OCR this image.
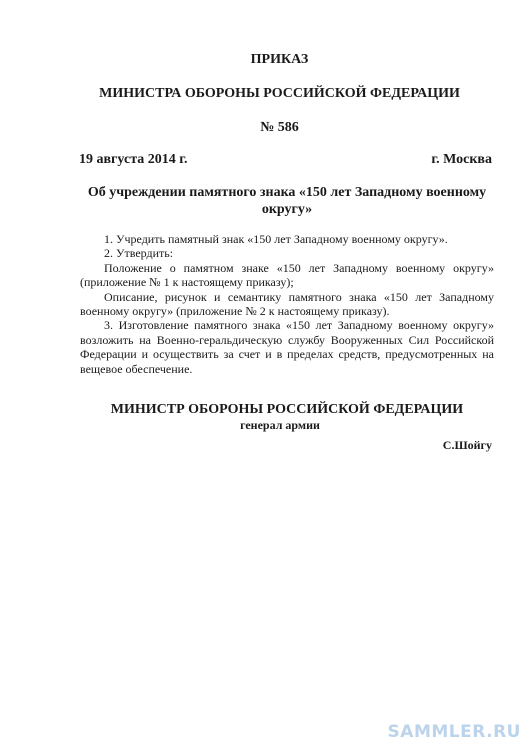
ПРИКАЗ

МИНИСТРА ОБОРОНЫ РОССИЙСКОЙ ФЕДЕРАЦИИ

№ 586

19 августа 2014 г.	г. Москва

Об учреждении памятного знака «150 лет Западному военному округу»

1. Учредить памятный знак «150 лет Западному военному округу».

2. Утвердить:

Положение о памятном знаке «150 лет Западному военному округу» (приложение № 1 к настоящему приказу);

Описание, рисунок и семантику памятного знака «150 лет Западному военному округу» (приложение № 2 к настоящему приказу).

3. Изготовление памятного знака «150 лет Западному военному округу» возложить на Военно-геральдическую службу Вооруженных Сил Российской Федерации и осуществить за счет и в пределах средств, предусмотренных на вещевое обеспечение.

МИНИСТР ОБОРОНЫ РОССИЙСКОЙ ФЕДЕРАЦИИ

генерал армии

С.Шойгу

SAMMLER.RU
